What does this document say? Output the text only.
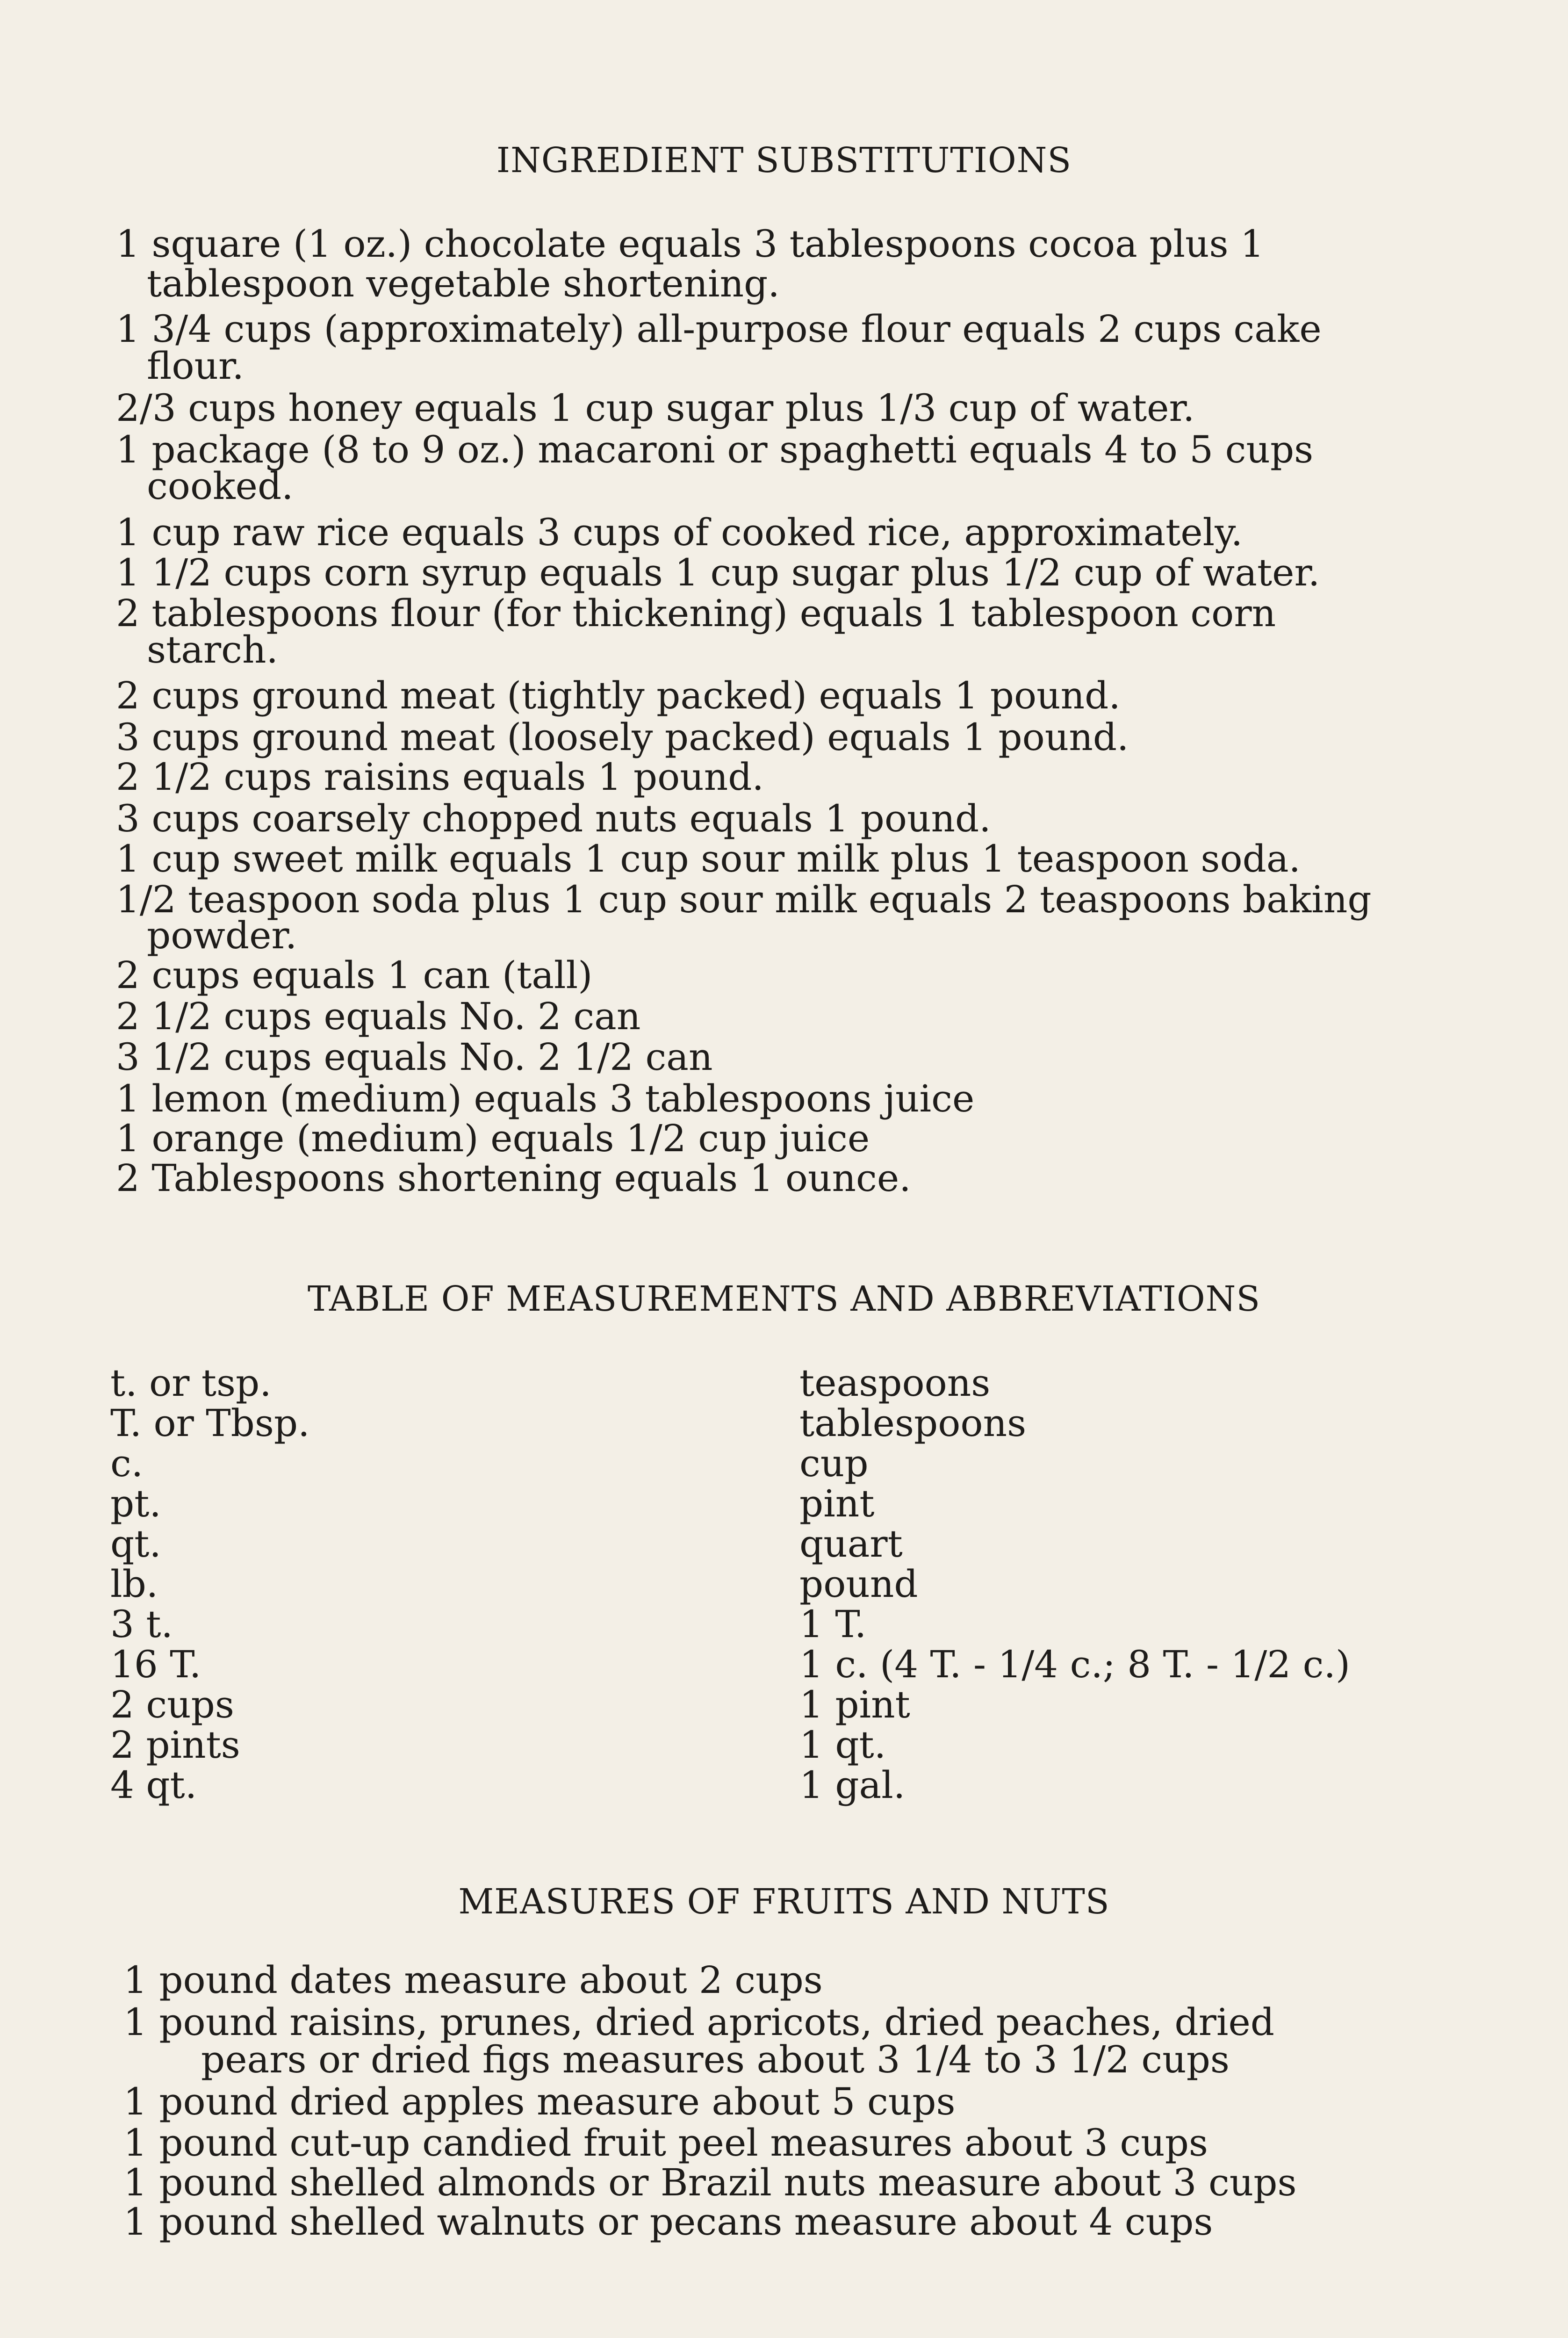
INGREDIENT SUBSTITUTIONS
1 square (1 oz.) chocolate equals 3 tablespoons cocoa plus 1
tablespoon vegetable shortening.
1 3/4 cups (approximately) all-purpose flour equals 2 cups cake
flour.
2/3 cups honey equals 1 cup sugar plus 1/3 cup of water.
1 package (8 to 9 oz.) macaroni or spaghetti equals 4 to 5 cups
cooked.
1 cup raw rice equals 3 cups of cooked rice, approximately.
1 1/2 cups corn syrup equals 1 cup sugar plus 1/2 cup of water.
2 tablespoons flour (for thickening) equals 1 tablespoon corn
starch.
2 cups ground meat (tightly packed) equals 1 pound.
3 cups ground meat (loosely packed) equals 1 pound.
2 1/2 cups raisins equals 1 pound.
3 cups coarsely chopped nuts equals 1 pound.
1 cup sweet milk equals 1 cup sour milk plus 1 teaspoon soda.
1/2 teaspoon soda plus 1 cup sour milk equals 2 teaspoons baking
powder.
2 cups equals 1 can (tall)
2 1/2 cups equals No. 2 can
3 1/2 cups equals No. 2 1/2 can
1 lemon (medium) equals 3 tablespoons juice
1 orange (medium) equals 1/2 cup juice
2 Tablespoons shortening equals 1 ounce.
TABLE OF MEASUREMENTS AND ABBREVIATIONS
t. or tsp.	teaspoons
T. or Tbsp.	tablespoons
c.	cup
pt.	pint
qt.	quart
lb.	pound
3 t.	1 T.
16 T.	1 c. (4 T. - 1/4 c.; 8 T. - 1/2 c.)
2 cups	1 pint
2 pints	1 qt.
4 qt.	1 gal.
MEASURES OF FRUITS AND NUTS
1 pound dates measure about 2 cups
1 pound raisins, prunes, dried apricots, dried peaches, dried
pears or dried figs measures about 3 1/4 to 3 1/2 cups
1 pound dried apples measure about 5 cups
1 pound cut-up candied fruit peel measures about 3 cups
1 pound shelled almonds or Brazil nuts measure about 3 cups
1 pound shelled walnuts or pecans measure about 4 cups
